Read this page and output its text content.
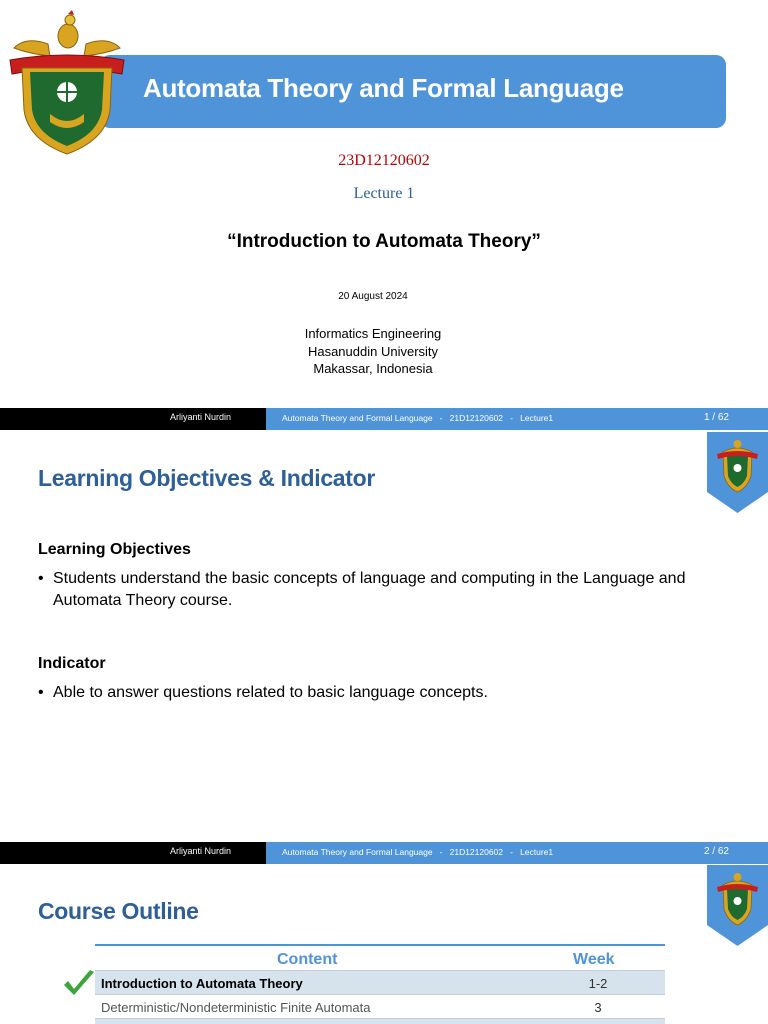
Automata Theory and Formal Language
23D12120602
Lecture 1
“Introduction to Automata Theory”
20 August 2024
Informatics Engineering
Hasanuddin University
Makassar, Indonesia
Arliyanti Nurdin	Automata Theory and Formal Language - 21D12120602 - Lecture1	1 / 62
Learning Objectives & Indicator
Learning Objectives
• Students understand the basic concepts of language and computing in the Language and Automata Theory course.
Indicator
• Able to answer questions related to basic language concepts.
Arliyanti Nurdin	Automata Theory and Formal Language - 21D12120602 - Lecture1	2 / 62
Course Outline
Content	Week
Introduction to Automata Theory	1-2
Deterministic/Nondeterministic Finite Automata	3
